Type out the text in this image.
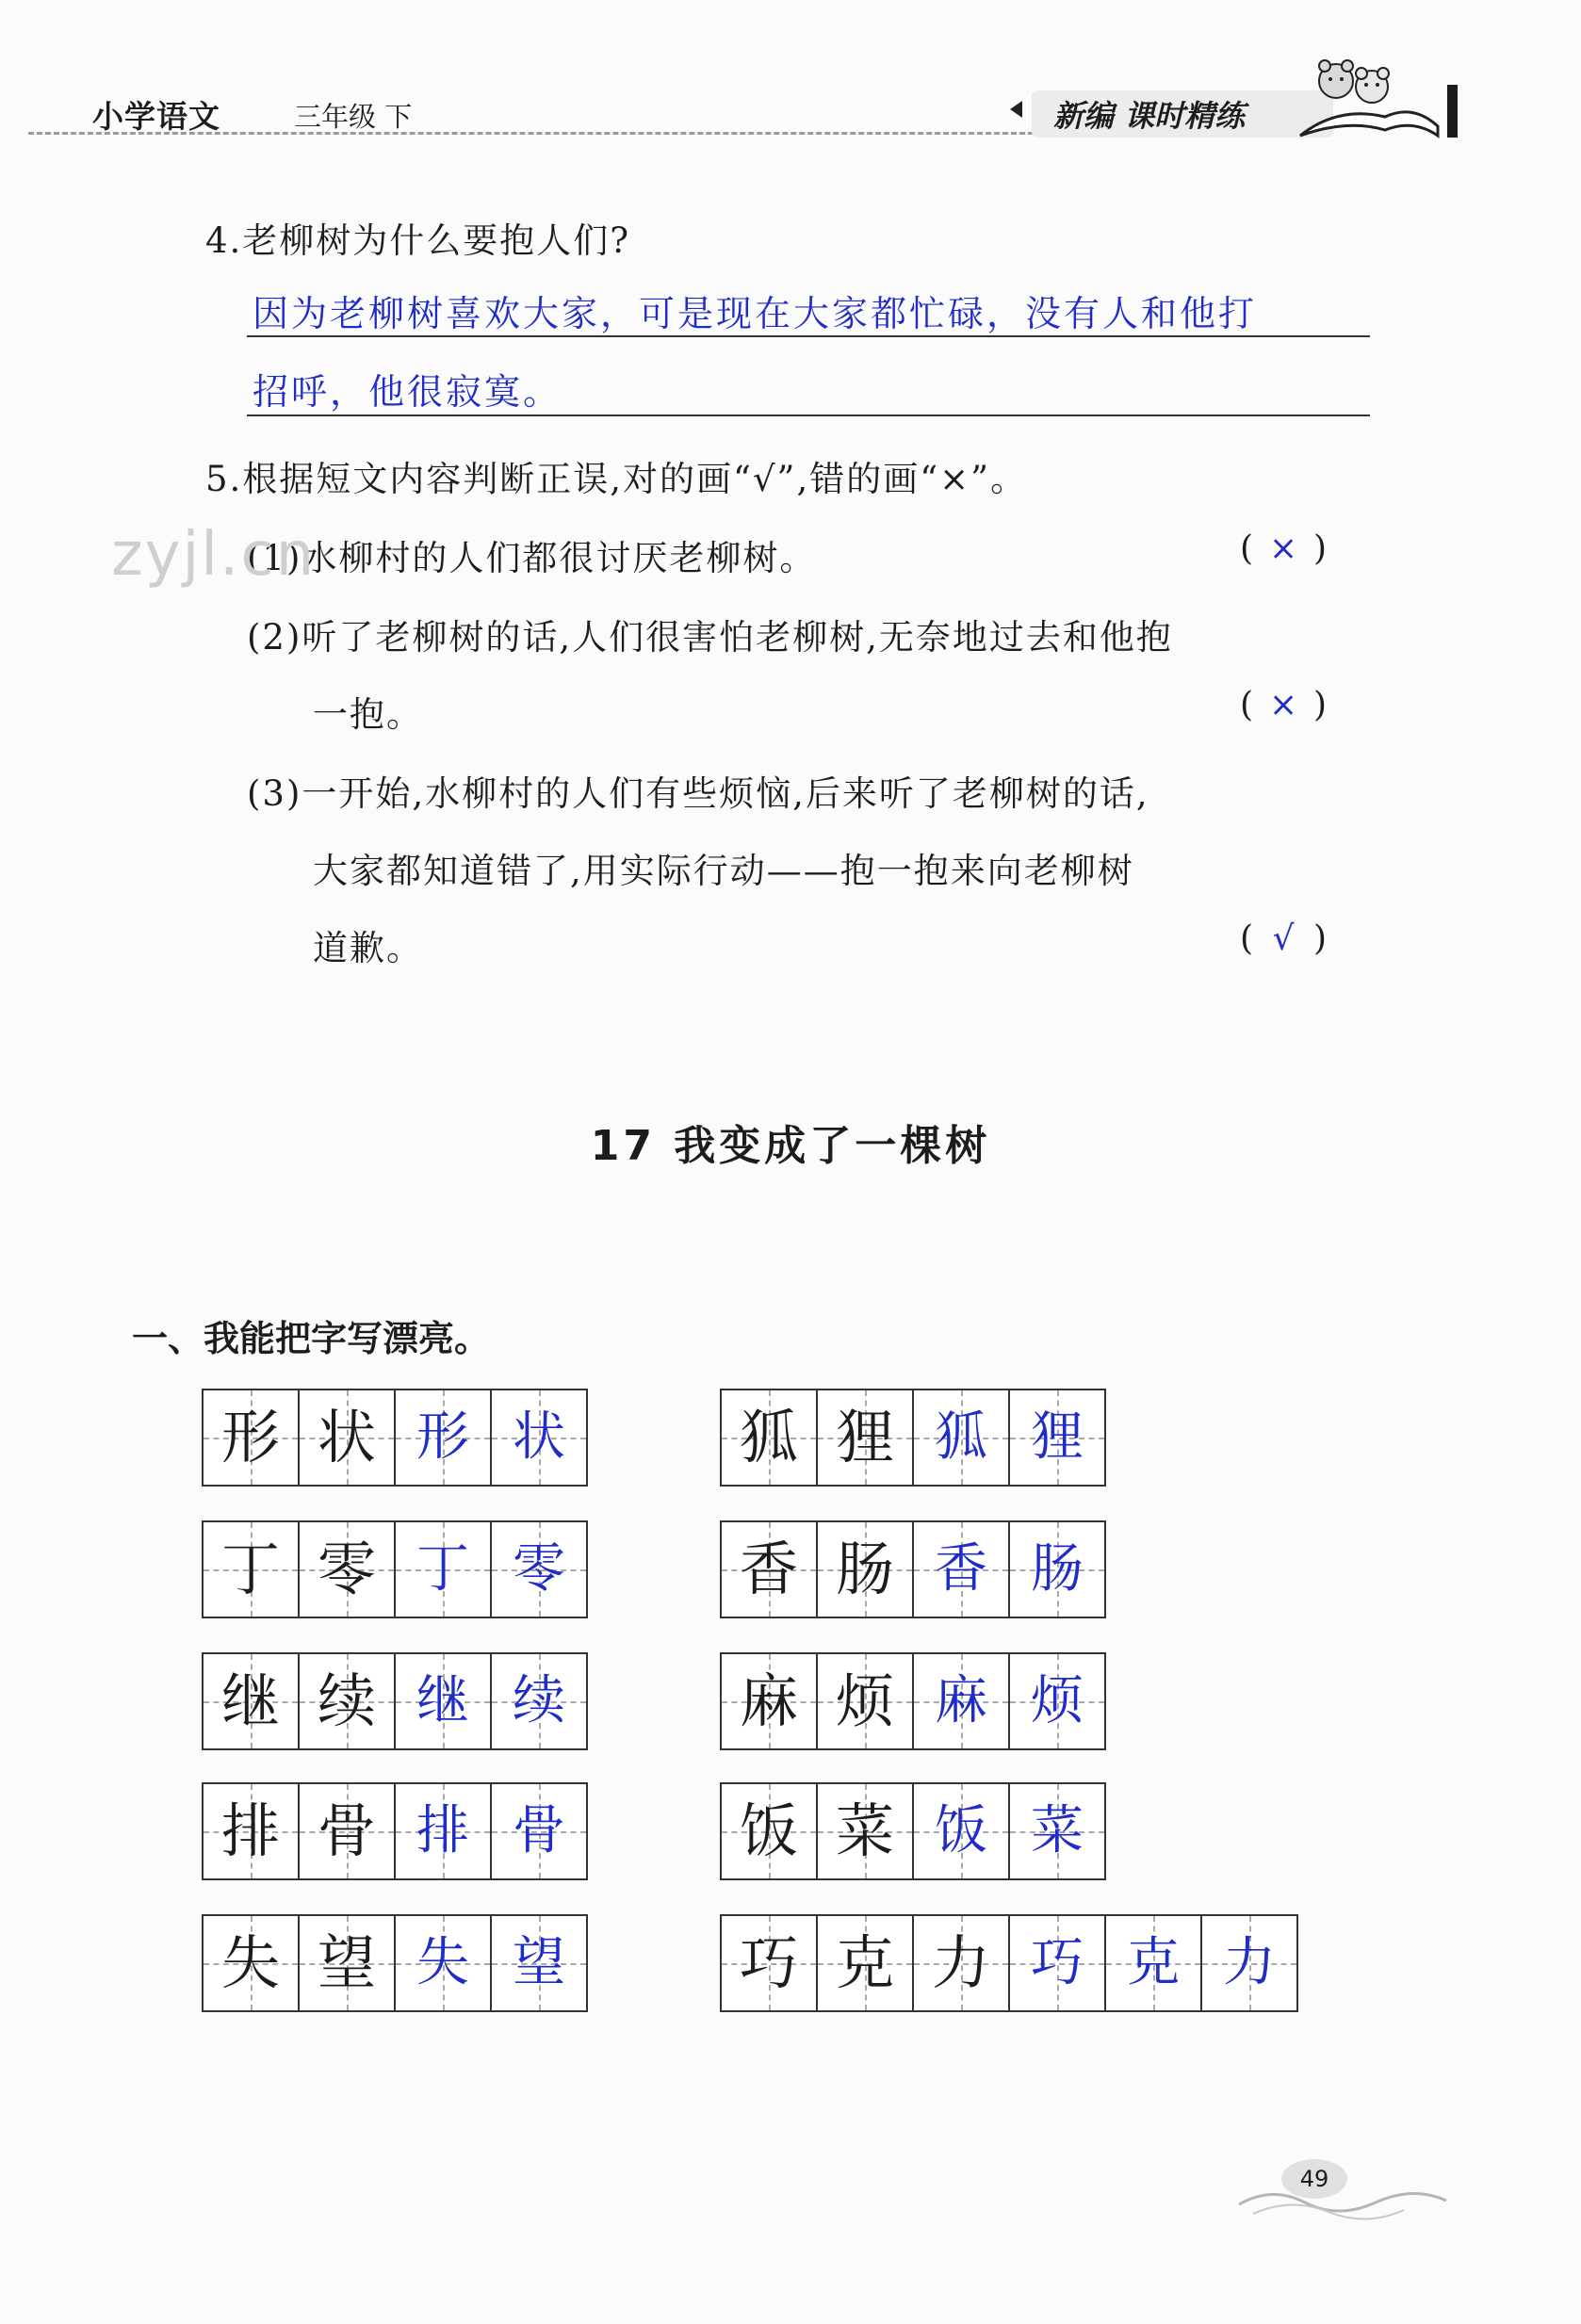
小学语文	三年级 下	新编 课时精练
4.老柳树为什么要抱人们?
因为老柳树喜欢大家，可是现在大家都忙碌，没有人和他打
招呼，他很寂寞。
5.根据短文内容判断正误,对的画“√”,错的画“×”。
(1)水柳村的人们都很讨厌老柳树。	( × )
(2)听了老柳树的话,人们很害怕老柳树,无奈地过去和他抱
一抱。	( × )
(3)一开始,水柳村的人们有些烦恼,后来听了老柳树的话,
大家都知道错了,用实际行动——抱一抱来向老柳树
道歉。	( √ )
zyjl.cn
17 我变成了一棵树
一、我能把字写漂亮。
形 状 形 状
丁 零 丁 零
继 续 继 续
排 骨 排 骨
失 望 失 望
狐 狸 狐 狸
香 肠 香 肠
麻 烦 麻 烦
饭 菜 饭 菜
巧 克 力 巧 克 力
49
